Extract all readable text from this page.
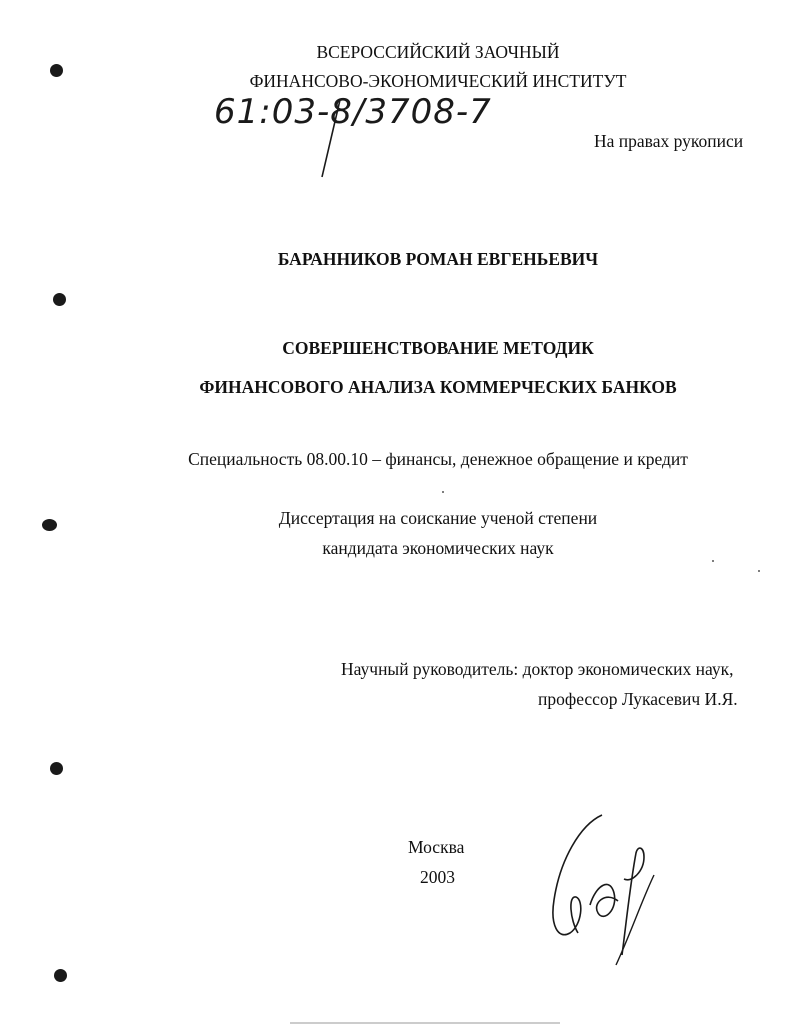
ВСЕРОССИЙСКИЙ ЗАОЧНЫЙ
ФИНАНСОВО-ЭКОНОМИЧЕСКИЙ ИНСТИТУТ
61:03-8/3708-7
На правах рукописи
БАРАННИКОВ РОМАН ЕВГЕНЬЕВИЧ
СОВЕРШЕНСТВОВАНИЕ МЕТОДИК
ФИНАНСОВОГО АНАЛИЗА КОММЕРЧЕСКИХ БАНКОВ
Специальность 08.00.10 – финансы, денежное обращение и кредит
Диссертация на соискание ученой степени
кандидата экономических наук
Научный руководитель: доктор экономических наук,
профессор Лукасевич И.Я.
Москва
2003
